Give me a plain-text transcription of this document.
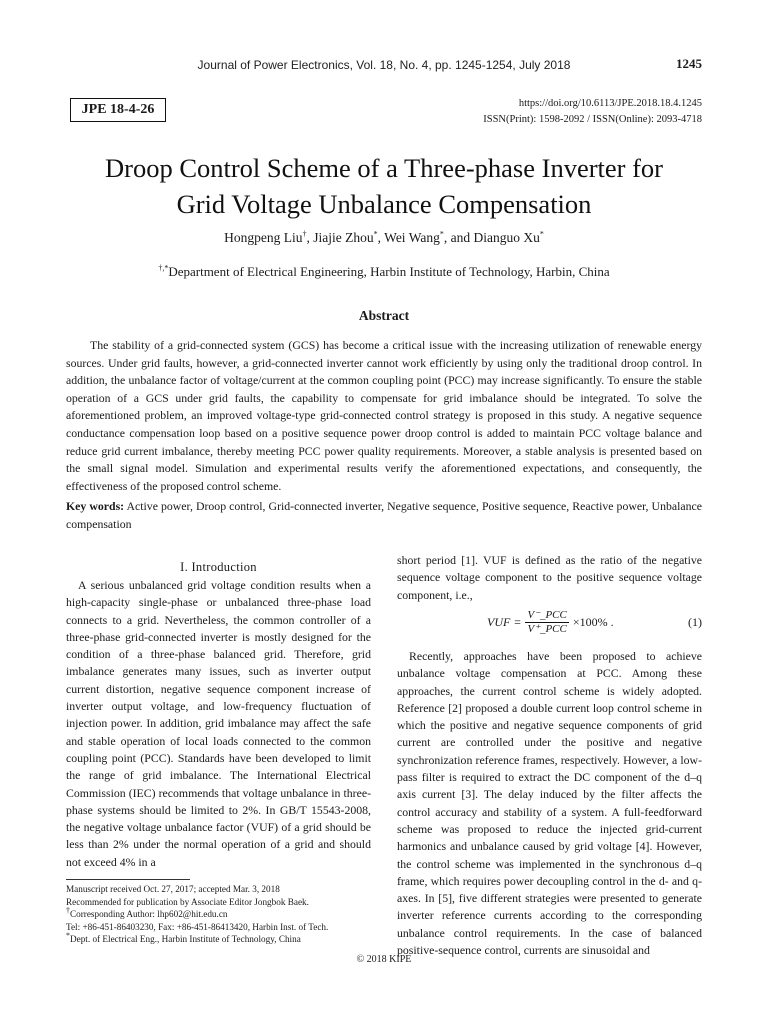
Journal of Power Electronics, Vol. 18, No. 4, pp. 1245-1254, July 2018	1245
JPE 18-4-26	https://doi.org/10.6113/JPE.2018.18.4.1245
ISSN(Print): 1598-2092 / ISSN(Online): 2093-4718
Droop Control Scheme of a Three-phase Inverter for
Grid Voltage Unbalance Compensation
Hongpeng Liu†, Jiajie Zhou*, Wei Wang*, and Dianguo Xu*
†,*Department of Electrical Engineering, Harbin Institute of Technology, Harbin, China
Abstract
The stability of a grid-connected system (GCS) has become a critical issue with the increasing utilization of renewable energy sources. Under grid faults, however, a grid-connected inverter cannot work efficiently by using only the traditional droop control. In addition, the unbalance factor of voltage/current at the common coupling point (PCC) may increase significantly. To ensure the stable operation of a GCS under grid faults, the capability to compensate for grid imbalance should be integrated. To solve the aforementioned problem, an improved voltage-type grid-connected control strategy is proposed in this study. A negative sequence conductance compensation loop based on a positive sequence power droop control is added to maintain PCC voltage balance and reduce grid current imbalance, thereby meeting PCC power quality requirements. Moreover, a stable analysis is presented based on the small signal model. Simulation and experimental results verify the aforementioned expectations, and consequently, the effectiveness of the proposed control scheme.
Key words: Active power, Droop control, Grid-connected inverter, Negative sequence, Positive sequence, Reactive power, Unbalance compensation
I. Introduction
A serious unbalanced grid voltage condition results when a high-capacity single-phase or unbalanced three-phase load connects to a grid. Nevertheless, the common controller of a three-phase grid-connected inverter is mostly designed for the condition of a three-phase balanced grid. Therefore, grid imbalance generates many issues, such as inverter output current distortion, negative sequence component increase of inverter output voltage, and low-frequency fluctuation of injection power. In addition, grid imbalance may affect the safe and stable operation of local loads connected to the common coupling point (PCC). Standards have been developed to limit the range of grid imbalance. The International Electrical Commission (IEC) recommends that voltage unbalance in three-phase systems should be limited to 2%. In GB/T 15543-2008, the negative voltage unbalance factor (VUF) of a grid should be less than 2% under the normal operation of a grid and should not exceed 4% in a
short period [1]. VUF is defined as the ratio of the negative sequence voltage component to the positive sequence voltage component, i.e.,
VUF = $\frac{\text{V⁻\_PCC}}{\text{V⁺\_PCC}} \times 100\%$ .	(1)
Recently, approaches have been proposed to achieve unbalance voltage compensation at PCC. Among these approaches, the current control scheme is widely adopted. Reference [2] proposed a double current loop control scheme in which the positive and negative sequence components of grid current are controlled under the positive and negative synchronization reference frames, respectively. However, a low-pass filter is required to extract the DC component of the d–q axis current [3]. The delay induced by the filter affects the control accuracy and stability of a system. A full-feedforward scheme was proposed to reduce the injected grid-current harmonics and unbalance caused by grid voltage [4]. However, the control scheme was implemented in the synchronous d–q frame, which requires power decoupling control in the d- and q-axes. In [5], five different strategies were presented to generate inverter reference currents according to the corresponding unbalance control requirements. In the case of balanced positive-sequence control, currents are sinusoidal and
Manuscript received Oct. 27, 2017; accepted Mar. 3, 2018
Recommended for publication by Associate Editor Jongbok Baek.
†Corresponding Author: lhp602@hit.edu.cn
Tel: +86-451-86403230, Fax: +86-451-86413420, Harbin Inst. of Tech.
*Dept. of Electrical Eng., Harbin Institute of Technology, China
© 2018 KIPE
